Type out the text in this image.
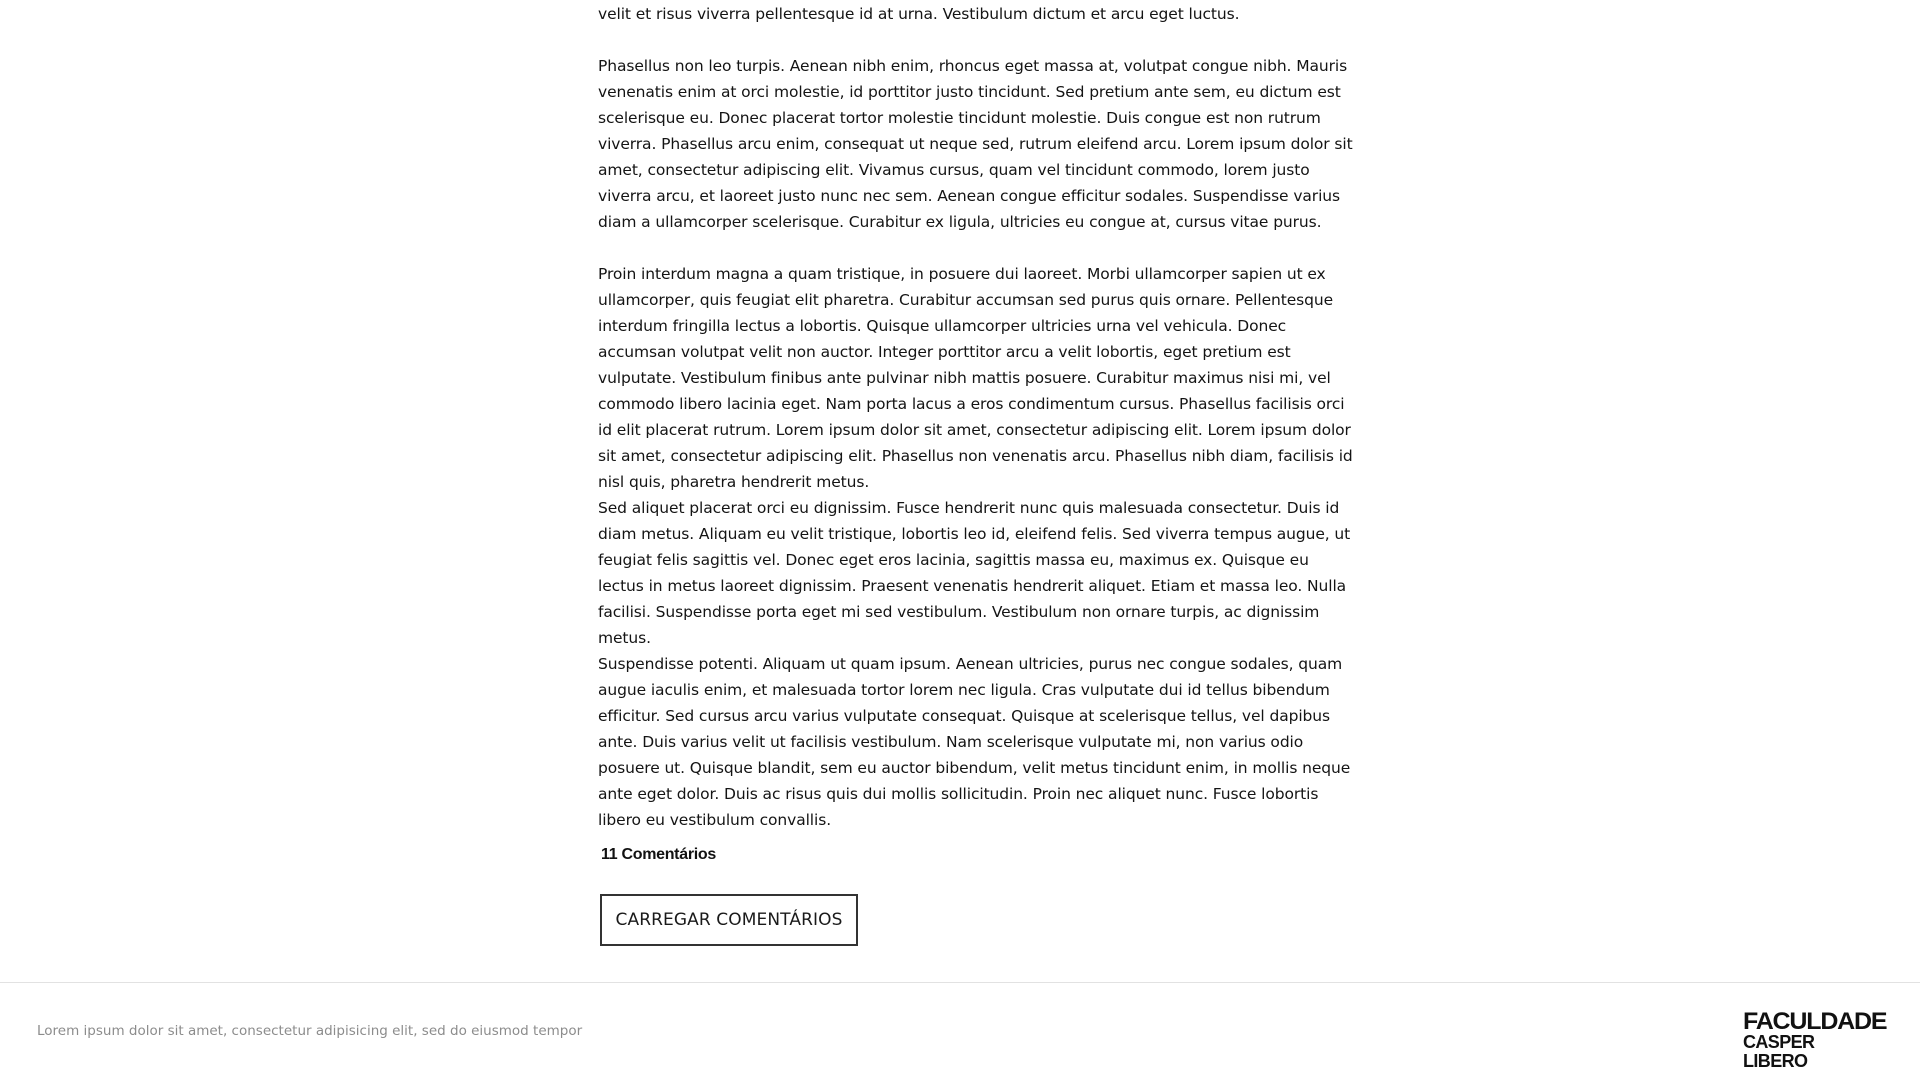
velit et risus viverra pellentesque id at urna. Vestibulum dictum et arcu eget luctus.

Phasellus non leo turpis. Aenean nibh enim, rhoncus eget massa at, volutpat congue nibh. Mauris venenatis enim at orci molestie, id porttitor justo tincidunt. Sed pretium ante sem, eu dictum est scelerisque eu. Donec placerat tortor molestie tincidunt molestie. Duis congue est non rutrum viverra. Phasellus arcu enim, consequat ut neque sed, rutrum eleifend arcu. Lorem ipsum dolor sit amet, consectetur adipiscing elit. Vivamus cursus, quam vel tincidunt commodo, lorem justo viverra arcu, et laoreet justo nunc nec sem. Aenean congue efficitur sodales. Suspendisse varius diam a ullamcorper scelerisque. Curabitur ex ligula, ultricies eu congue at, cursus vitae purus.

Proin interdum magna a quam tristique, in posuere dui laoreet. Morbi ullamcorper sapien ut ex ullamcorper, quis feugiat elit pharetra. Curabitur accumsan sed purus quis ornare. Pellentesque interdum fringilla lectus a lobortis. Quisque ullamcorper ultricies urna vel vehicula. Donec accumsan volutpat velit non auctor. Integer porttitor arcu a velit lobortis, eget pretium est vulputate. Vestibulum finibus ante pulvinar nibh mattis posuere. Curabitur maximus nisi mi, vel commodo libero lacinia eget. Nam porta lacus a eros condimentum cursus. Phasellus facilisis orci id elit placerat rutrum. Lorem ipsum dolor sit amet, consectetur adipiscing elit. Lorem ipsum dolor sit amet, consectetur adipiscing elit. Phasellus non venenatis arcu. Phasellus nibh diam, facilisis id nisl quis, pharetra hendrerit metus.

Sed aliquet placerat orci eu dignissim. Fusce hendrerit nunc quis malesuada consectetur. Duis id diam metus. Aliquam eu velit tristique, lobortis leo id, eleifend felis. Sed viverra tempus augue, ut feugiat felis sagittis vel. Donec eget eros lacinia, sagittis massa eu, maximus ex. Quisque eu lectus in metus laoreet dignissim. Praesent venenatis hendrerit aliquet. Etiam et massa leo. Nulla facilisi. Suspendisse porta eget mi sed vestibulum. Vestibulum non ornare turpis, ac dignissim metus.

Suspendisse potenti. Aliquam ut quam ipsum. Aenean ultricies, purus nec congue sodales, quam augue iaculis enim, et malesuada tortor lorem nec ligula. Cras vulputate dui id tellus bibendum efficitur. Sed cursus arcu varius vulputate consequat. Quisque at scelerisque tellus, vel dapibus ante. Duis varius velit ut facilisis vestibulum. Nam scelerisque vulputate mi, non varius odio posuere ut. Quisque blandit, sem eu auctor bibendum, velit metus tincidunt enim, in mollis neque ante eget dolor. Duis ac risus quis dui mollis sollicitudin. Proin nec aliquet nunc. Fusce lobortis libero eu vestibulum convallis.

11 Comentários
CARREGAR COMENTÁRIOS
Lorem ipsum dolor sit amet, consectetur adipisicing elit, sed do eiusmod tempor	FACULDADE
CASPER LIBERO
